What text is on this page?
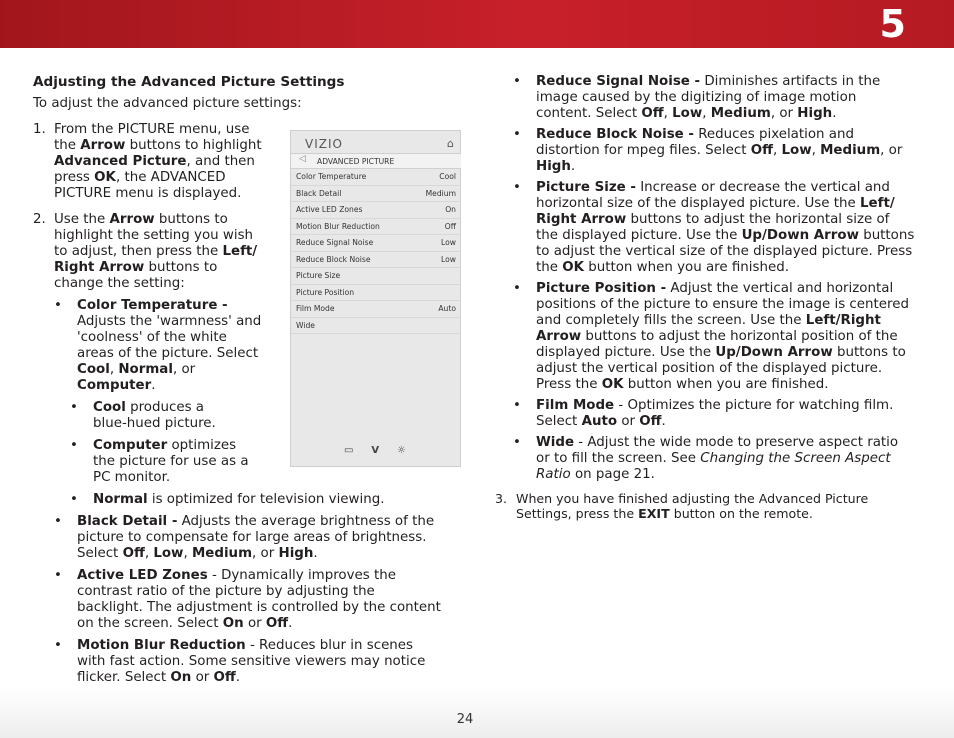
5
Adjusting the Advanced Picture Settings

To adjust the advanced picture settings:

1. From the PICTURE menu, use the Arrow buttons to highlight Advanced Picture, and then press OK, the ADVANCED PICTURE menu is displayed.
2. Use the Arrow buttons to highlight the setting you wish to adjust, then press the Left/ Right Arrow buttons to change the setting:
• Color Temperature - Adjusts the 'warmness' and 'coolness' of the white areas of the picture. Select Cool, Normal, or Computer.
• Cool produces a blue-hued picture.
• Computer optimizes the picture for use as a PC monitor.
• Normal is optimized for television viewing.
• Black Detail - Adjusts the average brightness of the picture to compensate for large areas of brightness. Select Off, Low, Medium, or High.
• Active LED Zones - Dynamically improves the contrast ratio of the picture by adjusting the backlight. The adjustment is controlled by the content on the screen. Select On or Off.
• Motion Blur Reduction - Reduces blur in scenes with fast action. Some sensitive viewers may notice flicker. Select On or Off.
VIZIO	⌂
ADVANCED PICTURE
◁
Color Temperature	Cool
Black Detail	Medium
Active LED Zones	On
Motion Blur Reduction	Off
Reduce Signal Noise	Low
Reduce Block Noise	Low
Picture Size
Picture Position
Film Mode	Auto
Wide
▭ V ☼
• Reduce Signal Noise - Diminishes artifacts in the image caused by the digitizing of image motion content. Select Off, Low, Medium, or High.
• Reduce Block Noise - Reduces pixelation and distortion for mpeg files. Select Off, Low, Medium, or High.
• Picture Size - Increase or decrease the vertical and horizontal size of the displayed picture. Use the Left/ Right Arrow buttons to adjust the horizontal size of the displayed picture. Use the Up/Down Arrow buttons to adjust the vertical size of the displayed picture. Press the OK button when you are finished.
• Picture Position - Adjust the vertical and horizontal positions of the picture to ensure the image is centered and completely fills the screen. Use the Left/Right Arrow buttons to adjust the horizontal position of the displayed picture. Use the Up/Down Arrow buttons to adjust the vertical position of the displayed picture. Press the OK button when you are finished.
• Film Mode - Optimizes the picture for watching film. Select Auto or Off.
• Wide - Adjust the wide mode to preserve aspect ratio or to fill the screen. See Changing the Screen Aspect Ratio on page 21.
3. When you have finished adjusting the Advanced Picture Settings, press the EXIT button on the remote.
24
